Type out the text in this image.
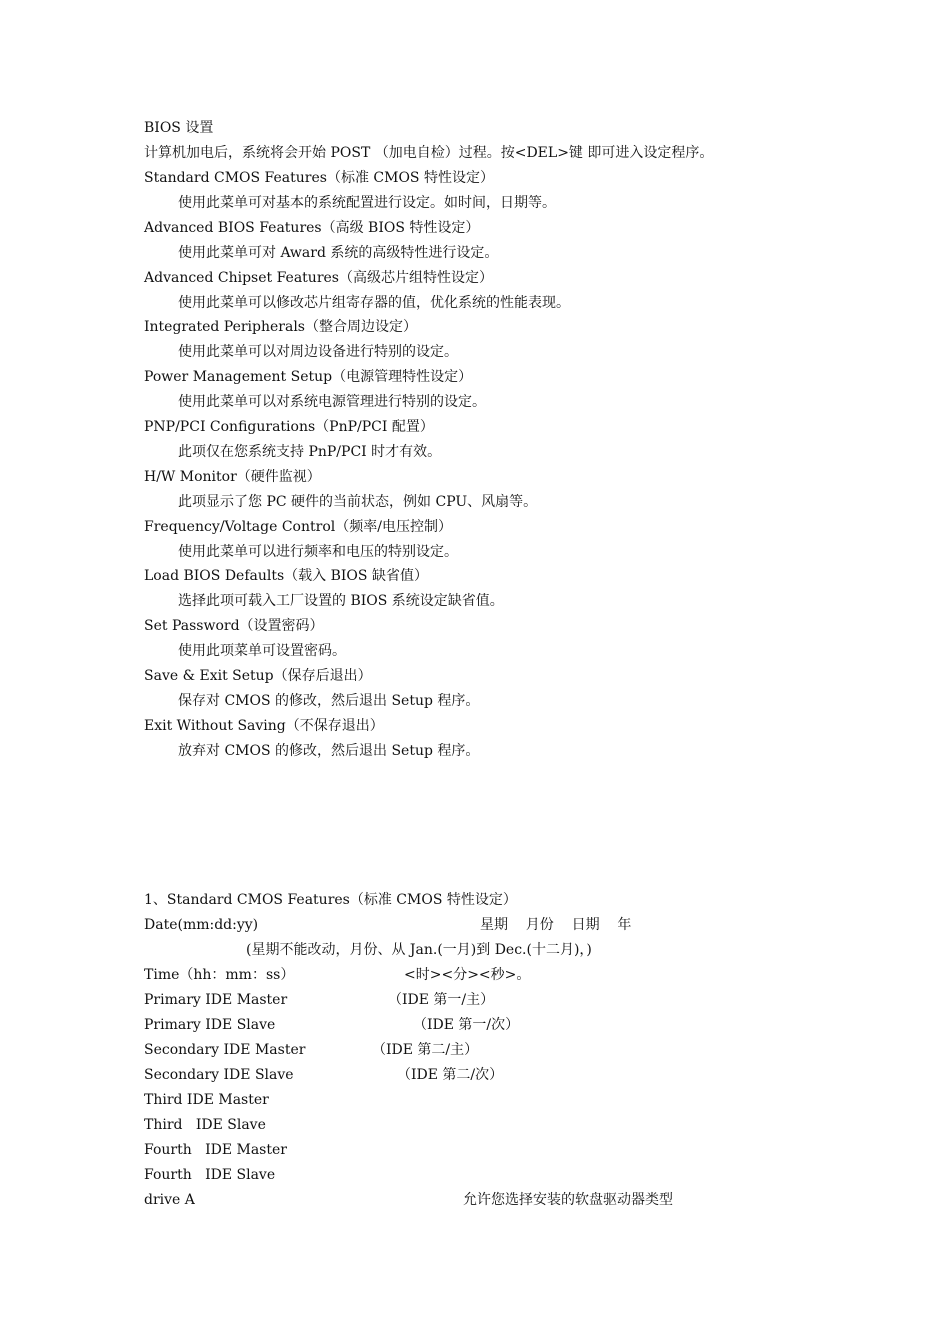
BIOS 设置
计算机加电后，系统将会开始 POST （加电自检）过程。按<DEL>键 即可进入设定程序。
Standard CMOS Features（标准 CMOS 特性设定）
使用此菜单可对基本的系统配置进行设定。如时间，日期等。
Advanced BIOS Features（高级 BIOS 特性设定）
使用此菜单可对 Award 系统的高级特性进行设定。
Advanced Chipset Features（高级芯片组特性设定）
使用此菜单可以修改芯片组寄存器的值，优化系统的性能表现。
Integrated Peripherals（整合周边设定）
使用此菜单可以对周边设备进行特别的设定。
Power Management Setup（电源管理特性设定）
使用此菜单可以对系统电源管理进行特别的设定。
PNP/PCI Configurations（PnP/PCI 配置）
此项仅在您系统支持 PnP/PCI 时才有效。
H/W Monitor（硬件监视）
此项显示了您 PC 硬件的当前状态，例如 CPU、风扇等。
Frequency/Voltage Control（频率/电压控制）
使用此菜单可以进行频率和电压的特别设定。
Load BIOS Defaults（载入 BIOS 缺省值）
选择此项可载入工厂设置的 BIOS 系统设定缺省值。
Set Password（设置密码）
使用此项菜单可设置密码。
Save & Exit Setup（保存后退出）
保存对 CMOS 的修改，然后退出 Setup 程序。
Exit Without Saving（不保存退出）
放弃对 CMOS 的修改，然后退出 Setup 程序。
1、Standard CMOS Features（标准 CMOS 特性设定）
Date(mm:dd:yy)	星期    月份    日期    年
(星期不能改动，月份、从 Jan.(一月)到 Dec.(十二月)，)
Time（hh：mm：ss）	<时><分><秒>。
Primary IDE Master	（IDE 第一/主）
Primary IDE Slave	（IDE 第一/次）
Secondary IDE Master	（IDE 第二/主）
Secondary IDE Slave	（IDE 第二/次）
Third IDE Master
Third   IDE Slave
Fourth   IDE Master
Fourth   IDE Slave
drive A	允许您选择安装的软盘驱动器类型
